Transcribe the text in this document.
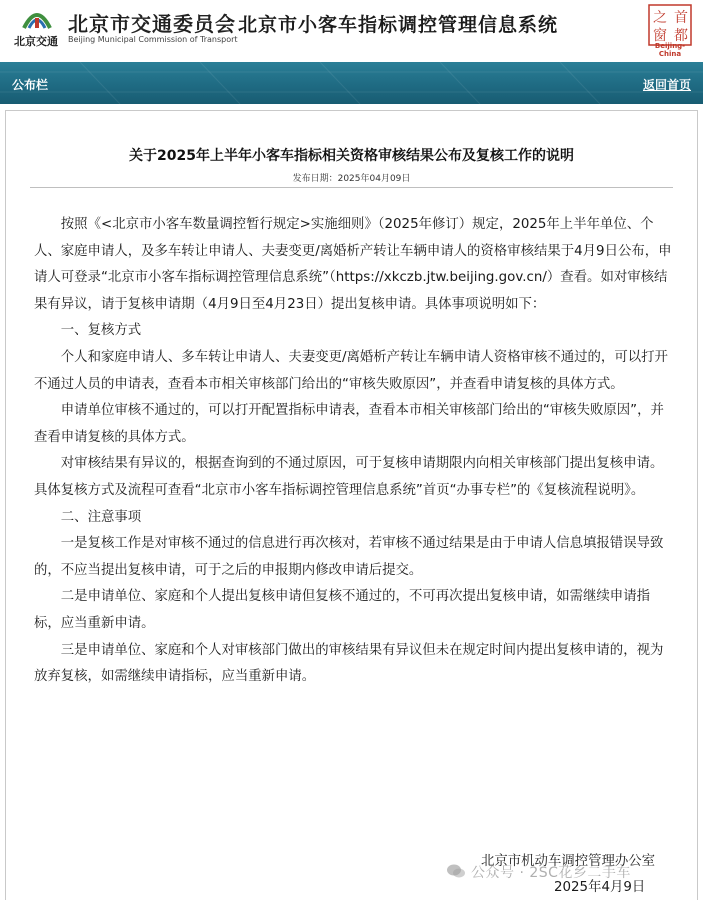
北京交通
北京市交通委员会
Beijing Municipal Commission of Transport
北京市小客车指标调控管理信息系统	首
都
之
窗
Beijing-China
公布栏	返回首页
关于2025年上半年小客车指标相关资格审核结果公布及复核工作的说明
发布日期：2025年04月09日

按照《<北京市小客车数量调控暂行规定>实施细则》（2025年修订）规定，2025年上半年单位、个人、家庭申请人，及多车转让申请人、夫妻变更/离婚析产转让车辆申请人的资格审核结果于4月9日公布，申请人可登录“北京市小客车指标调控管理信息系统”（https://xkczb.jtw.beijing.gov.cn/）查看。如对审核结果有异议，请于复核申请期（4月9日至4月23日）提出复核申请。具体事项说明如下：

一、复核方式

个人和家庭申请人、多车转让申请人、夫妻变更/离婚析产转让车辆申请人资格审核不通过的，可以打开不通过人员的申请表，查看本市相关审核部门给出的“审核失败原因”，并查看申请复核的具体方式。

申请单位审核不通过的，可以打开配置指标申请表，查看本市相关审核部门给出的“审核失败原因”，并查看申请复核的具体方式。

对审核结果有异议的，根据查询到的不通过原因，可于复核申请期限内向相关审核部门提出复核申请。具体复核方式及流程可查看“北京市小客车指标调控管理信息系统”首页“办事专栏”的《复核流程说明》。

二、注意事项

一是复核工作是对审核不通过的信息进行再次核对，若审核不通过结果是由于申请人信息填报错误导致的，不应当提出复核申请，可于之后的申报期内修改申请后提交。

二是申请单位、家庭和个人提出复核申请但复核不通过的，不可再次提出复核申请，如需继续申请指标，应当重新申请。

三是申请单位、家庭和个人对审核部门做出的审核结果有异议但未在规定时间内提出复核申请的，视为放弃复核，如需继续申请指标，应当重新申请。

北京市机动车调控管理办公室
公众号 · 2SC花乡二手车
2025年4月9日
